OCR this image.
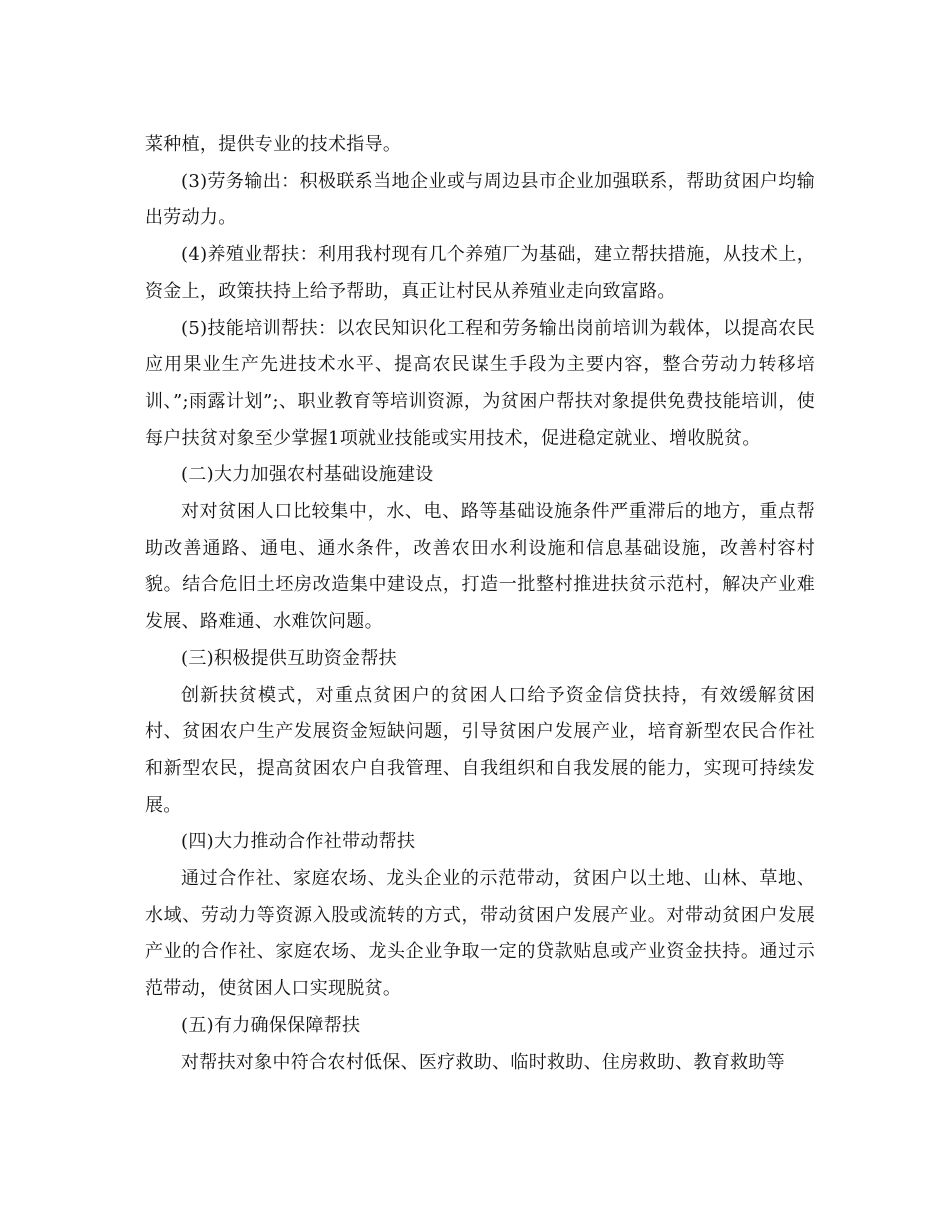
菜种植，提供专业的技术指导。

(3)劳务输出：积极联系当地企业或与周边县市企业加强联系，帮助贫困户均输出劳动力。

(4)养殖业帮扶：利用我村现有几个养殖厂为基础，建立帮扶措施，从技术上，资金上，政策扶持上给予帮助，真正让村民从养殖业走向致富路。

(5)技能培训帮扶：以农民知识化工程和劳务输出岗前培训为载体，以提高农民应用果业生产先进技术水平、提高农民谋生手段为主要内容，整合劳动力转移培训、”;雨露计划”;、职业教育等培训资源，为贫困户帮扶对象提供免费技能培训，使每户扶贫对象至少掌握1项就业技能或实用技术，促进稳定就业、增收脱贫。

(二)大力加强农村基础设施建设

对对贫困人口比较集中，水、电、路等基础设施条件严重滞后的地方，重点帮助改善通路、通电、通水条件，改善农田水利设施和信息基础设施，改善村容村貌。结合危旧土坯房改造集中建设点，打造一批整村推进扶贫示范村，解决产业难发展、路难通、水难饮问题。

(三)积极提供互助资金帮扶

创新扶贫模式，对重点贫困户的贫困人口给予资金信贷扶持，有效缓解贫困村、贫困农户生产发展资金短缺问题，引导贫困户发展产业，培育新型农民合作社和新型农民，提高贫困农户自我管理、自我组织和自我发展的能力，实现可持续发展。

(四)大力推动合作社带动帮扶

通过合作社、家庭农场、龙头企业的示范带动，贫困户以土地、山林、草地、水域、劳动力等资源入股或流转的方式，带动贫困户发展产业。对带动贫困户发展产业的合作社、家庭农场、龙头企业争取一定的贷款贴息或产业资金扶持。通过示范带动，使贫困人口实现脱贫。

(五)有力确保保障帮扶

对帮扶对象中符合农村低保、医疗救助、临时救助、住房救助、教育救助等
